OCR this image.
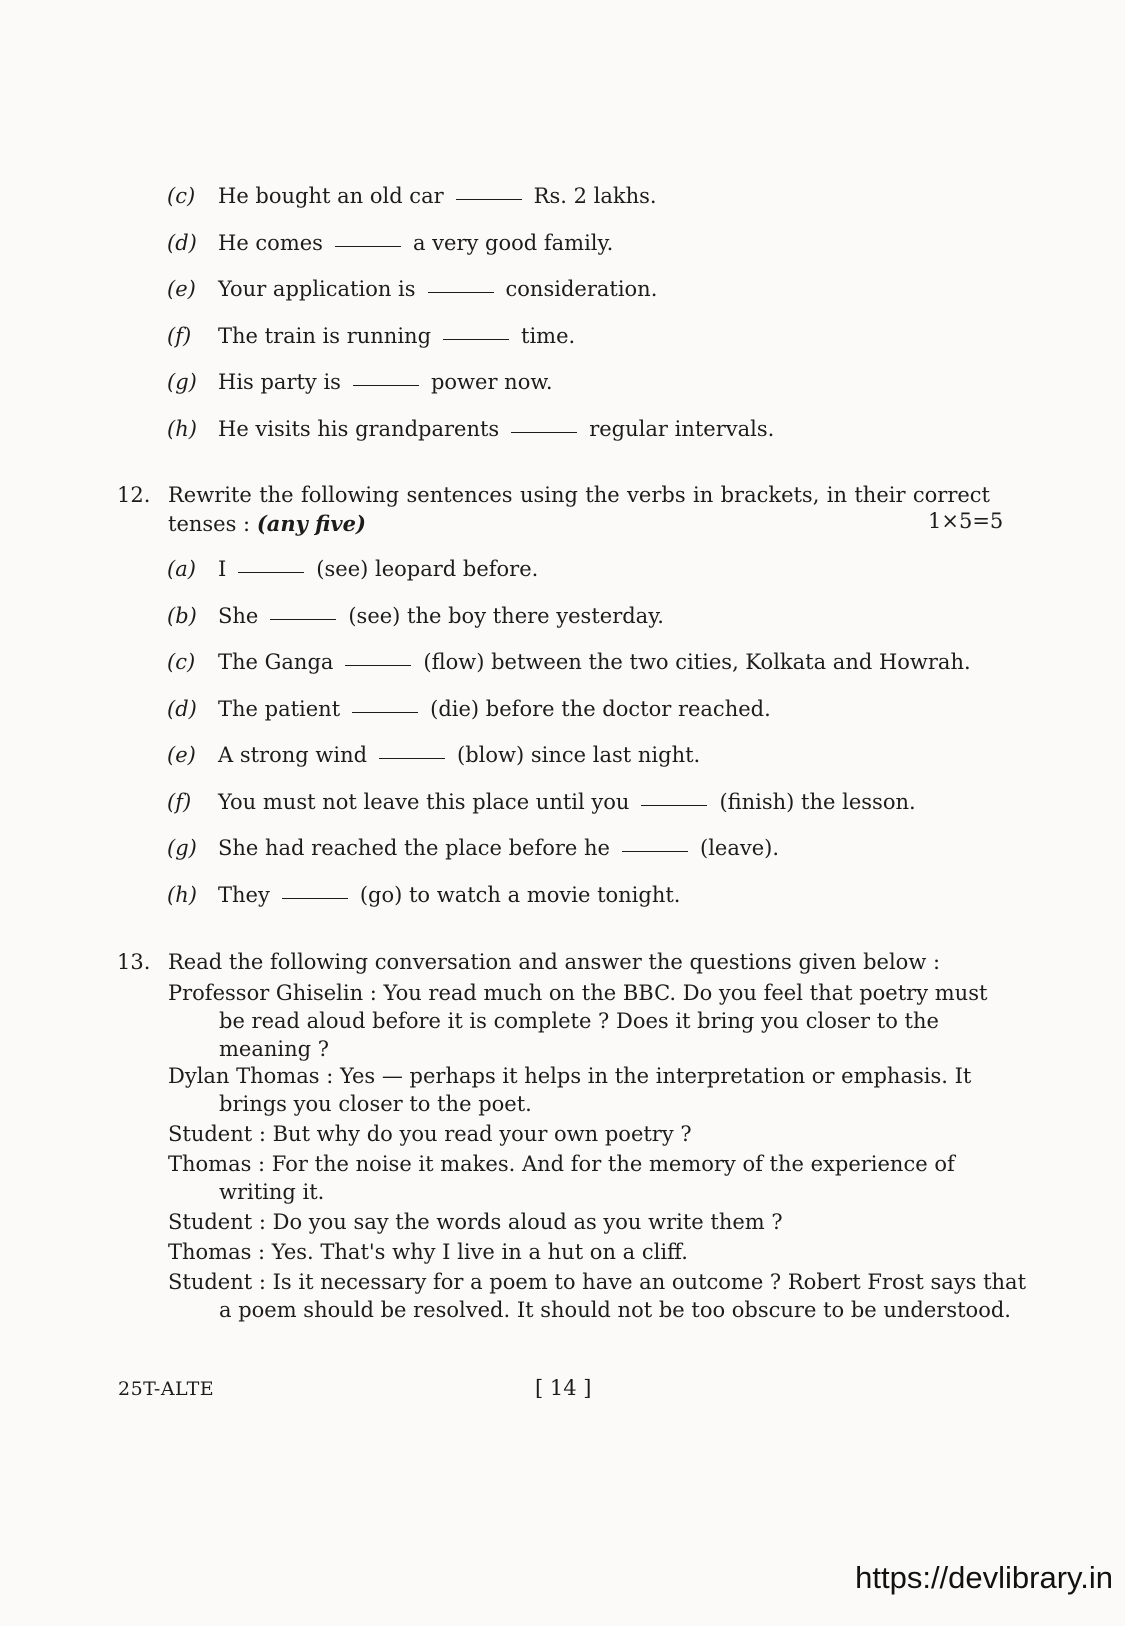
(c) He bought an old car	Rs. 2 lakhs.
(d) He comes	a very good family.
(e) Your application is	consideration.
(f) The train is running	time.
(g) His party is	power now.
(h) He visits his grandparents	regular intervals.
12. Rewrite the following sentences using the verbs in brackets, in their correct
tenses : (any five)	1×5=5
(a) I	(see) leopard before.
(b) She	(see) the boy there yesterday.
(c) The Ganga	(flow) between the two cities, Kolkata and Howrah.
(d) The patient	(die) before the doctor reached.
(e) A strong wind	(blow) since last night.
(f) You must not leave this place until you	(finish) the lesson.
(g) She had reached the place before he	(leave).
(h) They	(go) to watch a movie tonight.
13. Read the following conversation and answer the questions given below :
Professor Ghiselin : You read much on the BBC. Do you feel that poetry must
be read aloud before it is complete ? Does it bring you closer to the
meaning ?
Dylan Thomas : Yes — perhaps it helps in the interpretation or emphasis. It
brings you closer to the poet.
Student : But why do you read your own poetry ?
Thomas : For the noise it makes. And for the memory of the experience of
writing it.
Student : Do you say the words aloud as you write them ?
Thomas : Yes. That's why I live in a hut on a cliff.
Student : Is it necessary for a poem to have an outcome ? Robert Frost says that
a poem should be resolved. It should not be too obscure to be understood.
25T-ALTE	[ 14 ]
https://devlibrary.in
